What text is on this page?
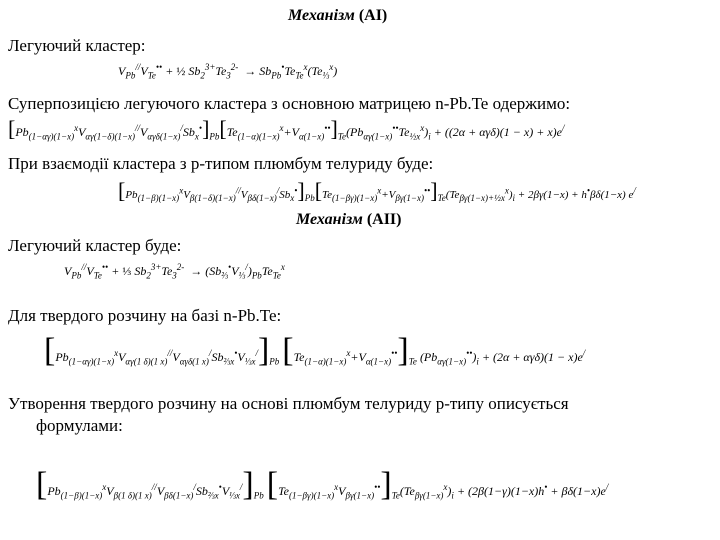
Механізм (AI)
Легуючий кластер:
$V_{Pb}^{//}V_{Te}^{••}$ + ½ $Sb_2^{3+}Te_3^{2-} \to Sb_{Pb}^•Te_{Te}^x(Te_{\frac{1}{3}}^x)$
Суперпозицією легуючого кластера з основною матрицею n-Pb.Te одержимо:
$[Pb_{(1-\alpha\gamma)(1-x)}^xV_{\alpha\gamma(1-\delta)(1-x)}^{//}V_{\alpha\gamma\delta(1-x)}^/Sb_x^•]_{Pb}[Te_{(1-\alpha)(1-x)}^x+V_{\alpha(1-x)}^{••}]_{Te}(Pb_{\alpha\gamma(1-x)}^{••}Te_{\frac{1}{2}x}^x)_i + ((2\alpha + \alpha\gamma\delta)(1 - x) + x)e^/$
При взаємодії кластера з р-типом плюмбум телуриду буде:
$[Pb_{(1-\beta)(1-x)}^xV_{\beta(1-\delta)(1-x)}^{//}V_{\beta\delta(1-x)}^/Sb_x^•]_{Pb}[Te_{(1-\beta\gamma)(1-x)}^x+V_{\beta\gamma(1-x)}^{••}]_{Te}(Te_{\beta\gamma(1-x)+\frac{1}{2}x}^x)_i + 2\beta\gamma(1-x) + h^•\beta\delta(1-x)$ e/
Механізм (AII)
Легуючий кластер буде:
$V_{Pb}^{//}V_{Te}^{••}$ + ⅓ $Sb_2^{3+}Te_3^{2-} \to (Sb_{\frac{2}{3}}^•V_{\frac{1}{3}}^/)_{Pb}Te_{Te}^x$
Для твердого розчину на базі n-Pb.Te:
$[Pb_{(1-\alpha\gamma)(1-x)}^xV_{\alpha\gamma(1 \delta)(1 x)}^{//}V_{\alpha\gamma\delta(1 x)}^/Sb_{\frac{2}{3}x}^•V_{\frac{1}{3}x}^/]_{Pb}$ $[Te_{(1-\alpha)(1-x)}^x+V_{\alpha(1-x)}^{••}]_{Te}$ $(Pb_{\alpha\gamma(1-x)}^{••})_i + (2\alpha + \alpha\gamma\delta)(1 - x)e^/$
Утворення твердого розчину на основі плюмбум телуриду р-типу описується
формулами:
$[Pb_{(1-\beta)(1-x)}^xV_{\beta(1 \delta)(1 x)}^{//}V_{\beta\delta(1-x)}^/Sb_{\frac{2}{3}x}^•V_{\frac{1}{3}x}^/]_{Pb}$ $[Te_{(1-\beta\gamma)(1-x)}^xV_{\beta\gamma(1-x)}^{••}]_{Te}(Te_{\beta\gamma(1-x)}^x)_i + (2\beta(1-\gamma)(1-x)h^• + \beta\delta(1-x)e^/$
